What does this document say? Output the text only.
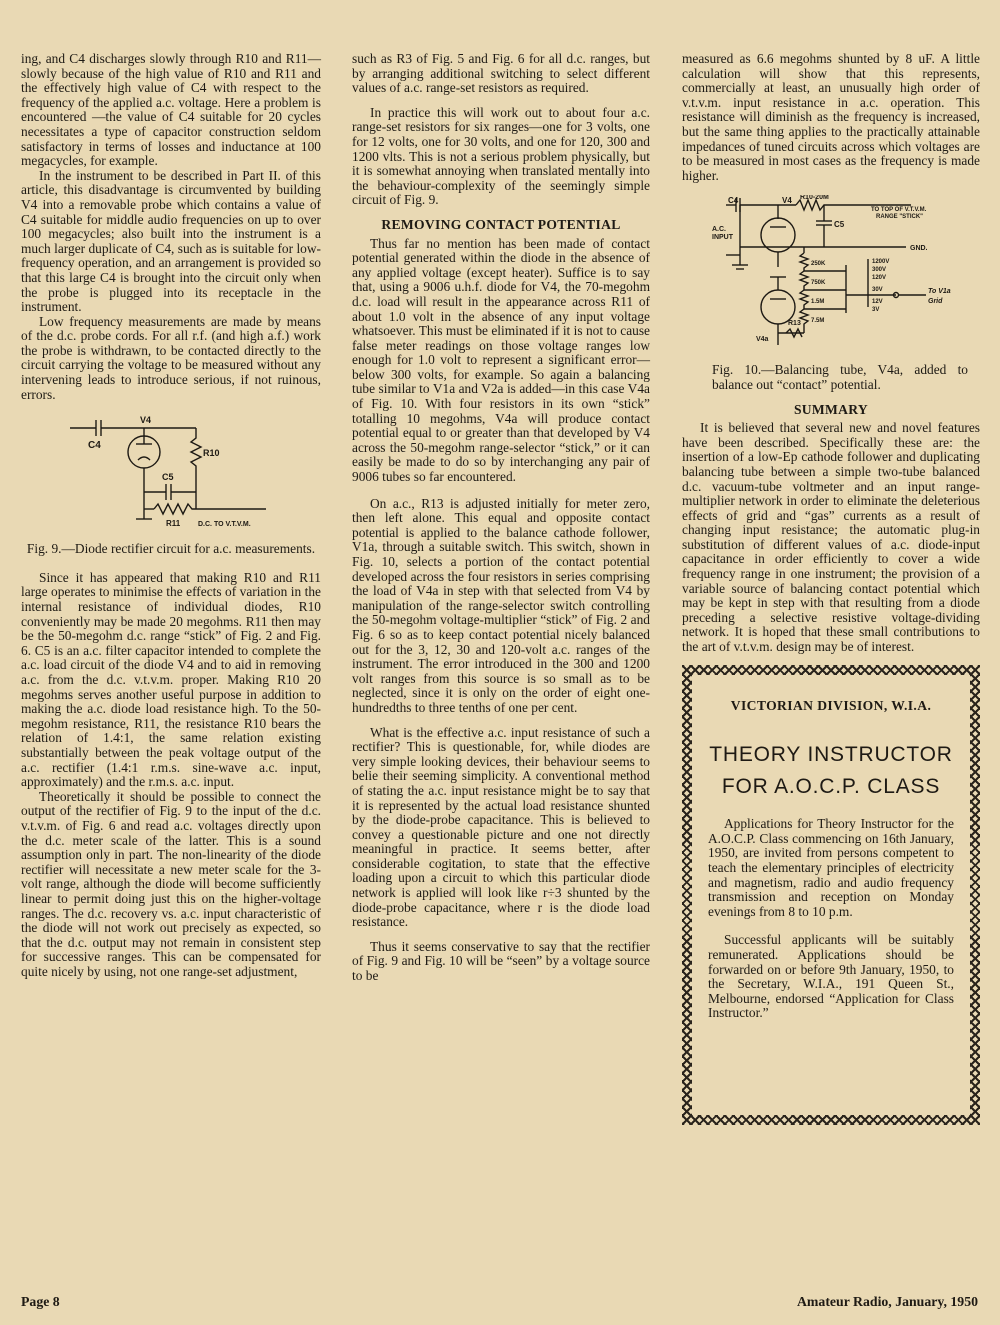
ing, and C4 discharges slowly through R10 and R11—slowly because of the high value of R10 and R11 and the effectively high value of C4 with respect to the frequency of the applied a.c. voltage. Here a problem is encountered —the value of C4 suitable for 20 cycles necessitates a type of capacitor construction seldom satisfactory in terms of losses and inductance at 100 megacycles, for example.

In the instrument to be described in Part II. of this article, this disadvantage is circumvented by building V4 into a removable probe which contains a value of C4 suitable for middle audio frequencies on up to over 100 megacycles; also built into the instrument is a much larger duplicate of C4, such as is suitable for low-frequency operation, and an arrangement is provided so that this large C4 is brought into the circuit only when the probe is plugged into its receptacle in the instrument.

Low frequency measurements are made by means of the d.c. probe cords. For all r.f. (and high a.f.) work the probe is withdrawn, to be contacted directly to the circuit carrying the voltage to be measured without any intervening leads to introduce serious, if not ruinous, errors.

C4
V4
R10
C5
R11	D.C. TO V.T.V.M.
Fig. 9.—Diode rectifier circuit for a.c. measurements.

Since it has appeared that making R10 and R11 large operates to minimise the effects of variation in the internal resistance of individual diodes, R10 conveniently may be made 20 megohms. R11 then may be the 50-megohm d.c. range “stick” of Fig. 2 and Fig. 6. C5 is an a.c. filter capacitor intended to complete the a.c. load circuit of the diode V4 and to aid in removing a.c. from the d.c. v.t.v.m. proper. Making R10 20 megohms serves another useful purpose in addition to making the a.c. diode load resistance high. To the 50-megohm resistance, R11, the resistance R10 bears the relation of 1.4:1, the same relation existing substantially between the peak voltage output of the a.c. rectifier (1.4:1 r.m.s. sine-wave a.c. input, approximately) and the r.m.s. a.c. input.

Theoretically it should be possible to connect the output of the rectifier of Fig. 9 to the input of the d.c. v.t.v.m. of Fig. 6 and read a.c. voltages directly upon the d.c. meter scale of the latter. This is a sound assumption only in part. The non-linearity of the diode rectifier will necessitate a new meter scale for the 3-volt range, although the diode will become sufficiently linear to permit doing just this on the higher-voltage ranges. The d.c. recovery vs. a.c. input characteristic of the diode will not work out precisely as expected, so that the d.c. output may not remain in consistent step for successive ranges. This can be compensated for quite nicely by using, not one range-set adjustment,

such as R3 of Fig. 5 and Fig. 6 for all d.c. ranges, but by arranging additional switching to select different values of a.c. range-set resistors as required.

In practice this will work out to about four a.c. range-set resistors for six ranges—one for 3 volts, one for 12 volts, one for 30 volts, and one for 120, 300 and 1200 vlts. This is not a serious problem physically, but it is somewhat annoying when translated mentally into the behaviour-complexity of the seemingly simple circuit of Fig. 9.

REMOVING CONTACT POTENTIAL

Thus far no mention has been made of contact potential generated within the diode in the absence of any applied voltage (except heater). Suffice is to say that, using a 9006 u.h.f. diode for V4, the 70-megohm d.c. load will result in the appearance across R11 of about 1.0 volt in the absence of any input voltage whatsoever. This must be eliminated if it is not to cause false meter readings on those voltage ranges low enough for 1.0 volt to represent a significant error—below 300 volts, for example. So again a balancing tube similar to V1a and V2a is added—in this case V4a of Fig. 10. With four resistors in its own “stick” totalling 10 megohms, V4a will produce contact potential equal to or greater than that developed by V4 across the 50-megohm range-selector “stick,” or it can easily be made to do so by interchanging any pair of 9006 tubes so far encountered.

On a.c., R13 is adjusted initially for meter zero, then left alone. This equal and opposite contact potential is applied to the balance cathode follower, V1a, through a suitable switch. This switch, shown in Fig. 10, selects a portion of the contact potential developed across the four resistors in series comprising the load of V4a in step with that selected from V4 by manipulation of the range-selector switch controlling the 50-megohm voltage-multiplier “stick” of Fig. 2 and Fig. 6 so as to keep contact potential nicely balanced out for the 3, 12, 30 and 120-volt a.c. ranges of the instrument. The error introduced in the 300 and 1200 volt ranges from this source is so small as to be neglected, since it is only on the order of eight one-hundredths to three tenths of one per cent.

What is the effective a.c. input resistance of such a rectifier? This is questionable, for, while diodes are very simple looking devices, their behaviour seems to belie their seeming simplicity. A conventional method of stating the a.c. input resistance might be to say that it is represented by the actual load resistance shunted by the diode-probe capacitance. This is believed to convey a questionable picture and one not directly meaningful in practice. It seems better, after considerable cogitation, to state that the effective loading upon a circuit to which this particular diode network is applied will look like r÷3 shunted by the diode-probe capacitance, where r is the diode load resistance.

Thus it seems conservative to say that the rectifier of Fig. 9 and Fig. 10 will be “seen” by a voltage source to be

measured as 6.6 megohms shunted by 8 uF. A little calculation will show that this represents, commercially at least, an unusually high order of v.t.v.m. input resistance in a.c. operation. This resistance will diminish as the frequency is increased, but the same thing applies to the practically attainable impedances of tuned circuits across which voltages are to be measured in most cases as the frequency is made higher.

C4	V4 R10-20M
TO TOP OF V.T.V.M.
RANGE "STICK"
A.C.
INPUT
C5
GND.
250K
750K
1.5M
7.5M
1200V
300V
120V
30V
12V
3V
To V1a
Grid
R13
V4a
Fig. 10.—Balancing tube, V4a, added to balance out “contact” potential.
SUMMARY

It is believed that several new and novel features have been described. Specifically these are: the insertion of a low-Ep cathode follower and duplicating balancing tube between a simple two-tube balanced d.c. vacuum-tube voltmeter and an input range-multiplier network in order to eliminate the deleterious effects of grid and “gas” currents as a result of changing input resistance; the automatic plug-in substitution of different values of a.c. diode-input capacitance in order efficiently to cover a wide frequency range in one instrument; the provision of a variable source of balancing contact potential which may be kept in step with that resulting from a diode preceding a selective resistive voltage-dividing network. It is hoped that these small contributions to the art of v.t.v.m. design may be of interest.

VICTORIAN DIVISION, W.I.A.
THEORY INSTRUCTOR
FOR A.O.C.P. CLASS

Applications for Theory Instructor for the A.O.C.P. Class commencing on 16th January, 1950, are invited from persons competent to teach the elementary principles of electricity and magnetism, radio and audio frequency transmission and reception on Monday evenings from 8 to 10 p.m.

Successful applicants will be suitably remunerated. Applications should be forwarded on or before 9th January, 1950, to the Secretary, W.I.A., 191 Queen St., Melbourne, endorsed “Application for Class Instructor.”

Page 8	Amateur Radio, January, 1950
